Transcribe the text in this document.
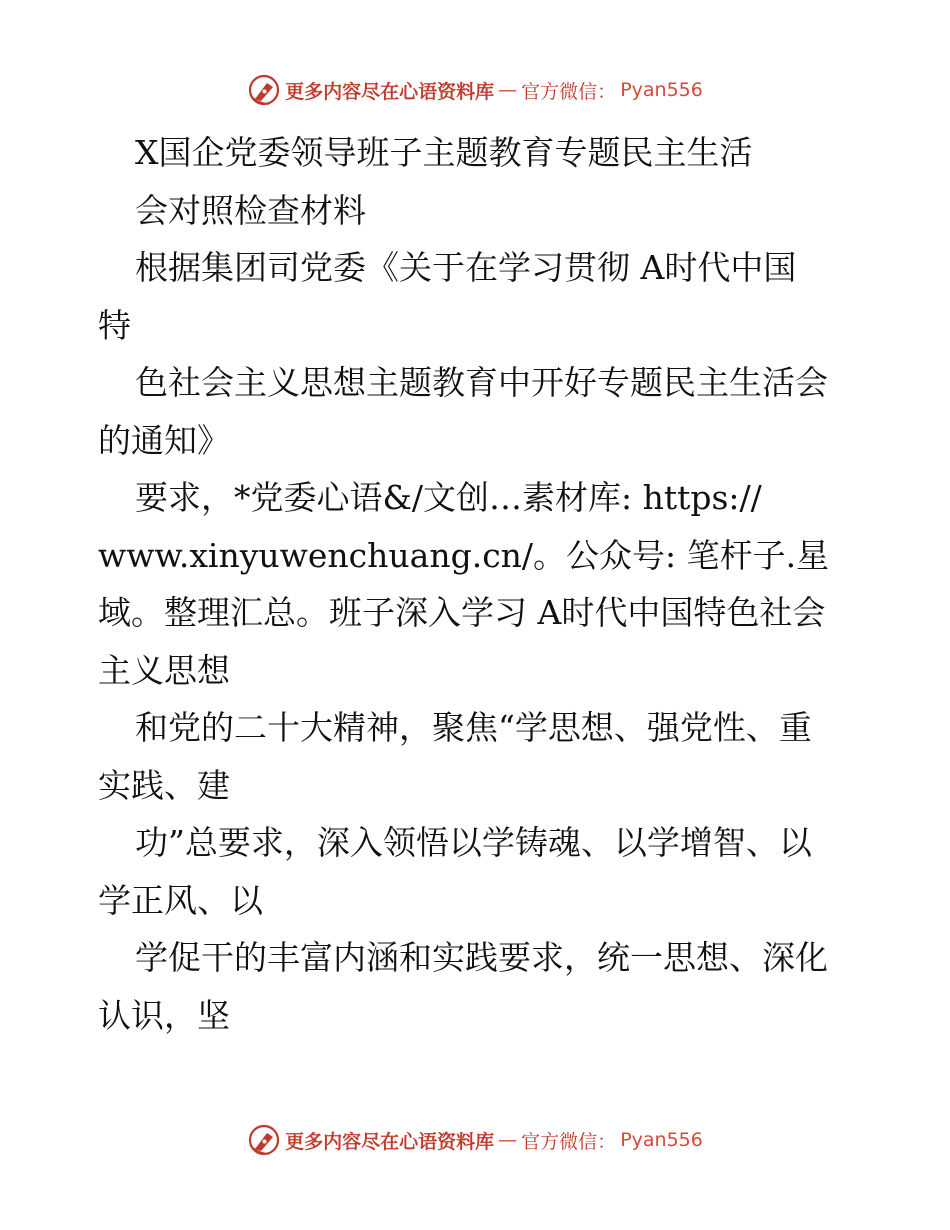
更多内容尽在心语资料库 — 官方微信： Pyan556
X国企党委领导班子主题教育专题民主生活
会对照检查材料
根据集团司党委《关于在学习贯彻 A时代中国
特
色社会主义思想主题教育中开好专题民主生活会
的通知》
要求，*党委心语&/文创…素材库: https://
www.xinyuwenchuang.cn/。公众号: 笔杆子.星
域。整理汇总。班子深入学习 A时代中国特色社会
主义思想
和党的二十大精神，聚焦“学思想、强党性、重
实践、建
功”总要求，深入领悟以学铸魂、以学增智、以
学正风、以
学促干的丰富内涵和实践要求，统一思想、深化
认识，坚
更多内容尽在心语资料库 — 官方微信： Pyan556
